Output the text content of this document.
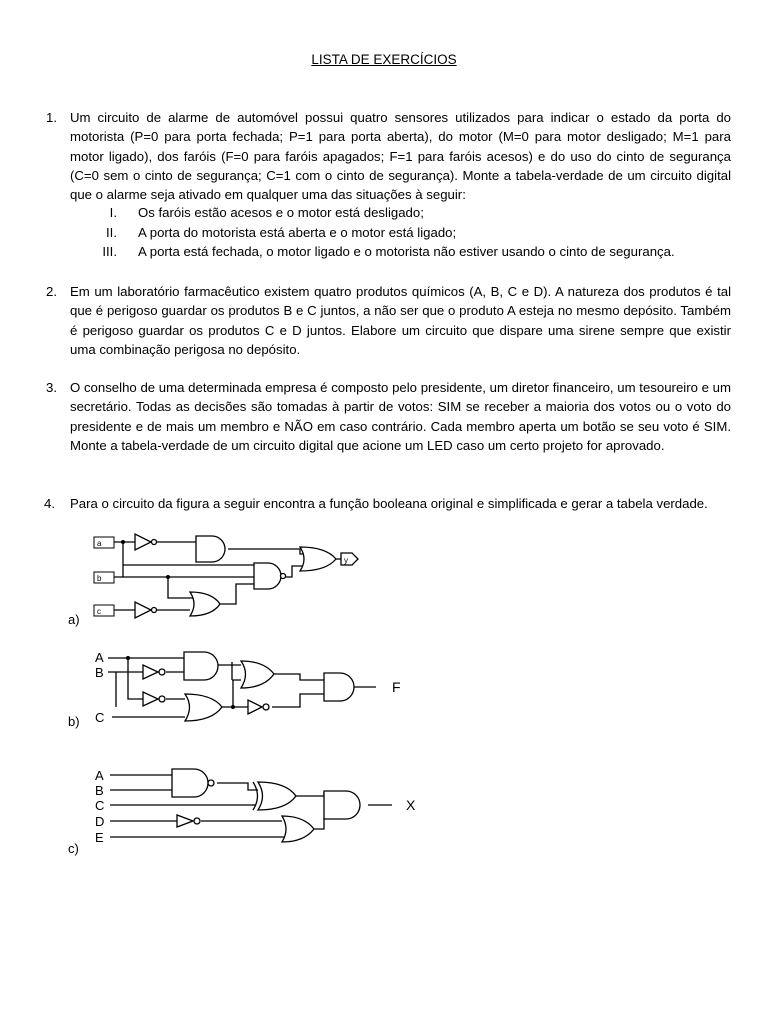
LISTA DE EXERCÍCIOS
1. Um circuito de alarme de automóvel possui quatro sensores utilizados para indicar o estado da porta do motorista (P=0 para porta fechada; P=1 para porta aberta), do motor (M=0 para motor desligado; M=1 para motor ligado), dos faróis (F=0 para faróis apagados; F=1 para faróis acesos) e do uso do cinto de segurança (C=0 sem o cinto de segurança; C=1 com o cinto de segurança). Monte a tabela-verdade de um circuito digital que o alarme seja ativado em qualquer uma das situações à seguir:
I. Os faróis estão acesos e o motor está desligado;
II. A porta do motorista está aberta e o motor está ligado;
III. A porta está fechada, o motor ligado e o motorista não estiver usando o cinto de segurança.
2. Em um laboratório farmacêutico existem quatro produtos químicos (A, B, C e D). A natureza dos produtos é tal que é perigoso guardar os produtos B e C juntos, a não ser que o produto A esteja no mesmo depósito. Também é perigoso guardar os produtos C e D juntos. Elabore um circuito que dispare uma sirene sempre que existir uma combinação perigosa no depósito.
3. O conselho de uma determinada empresa é composto pelo presidente, um diretor financeiro, um tesoureiro e um secretário. Todas as decisões são tomadas à partir de votos: SIM se receber a maioria dos votos ou o voto do presidente e de mais um membro e NÃO em caso contrário. Cada membro aperta um botão se seu voto é SIM. Monte a tabela-verdade de um circuito digital que acione um LED caso um certo projeto for aprovado.
4. Para o circuito da figura a seguir encontra a função booleana original e simplificada e gerar a tabela verdade.
a)
a
b
c
y
b)
A
B
C
F
c)
A
B
C
D
E
X
